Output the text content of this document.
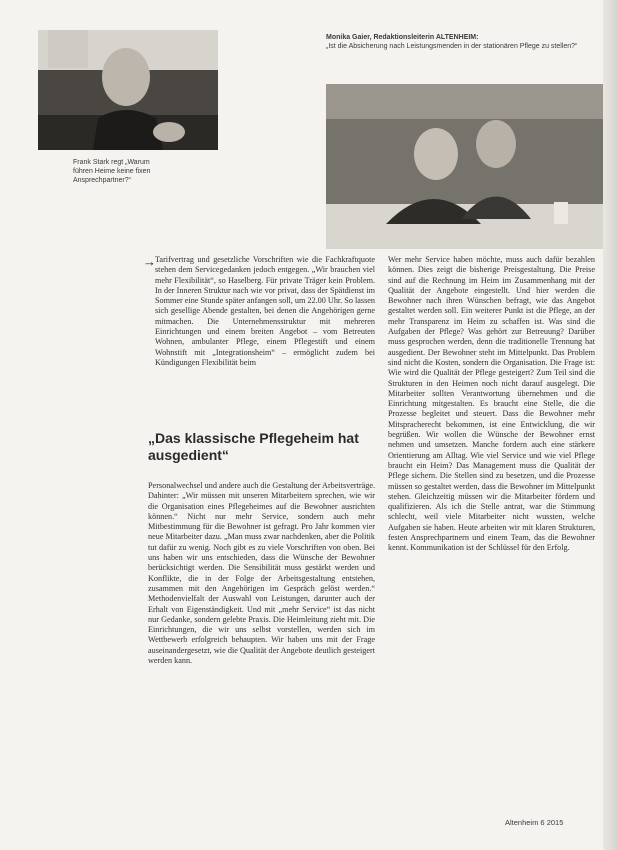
Frank Stark regt „Warum führen Heime keine fixen Ansprechpartner?“
Monika Gaier, Redaktionsleiterin ALTENHEIM:
„Ist die Absicherung nach Leistungsmenden in der stationären Pflege zu stellen?“
→ Tarifvertrag und gesetzliche Vorschriften wie die Fachkraftquote stehen dem Servicegedanken jedoch entgegen. „Wir brauchen viel mehr Flexibilität“, so Haselberg. Für private Träger kein Problem. In der Inneren Struktur nach wie vor privat, dass der Spätdienst im Sommer eine Stunde später anfangen soll, um 22.00 Uhr. So lassen sich gesellige Abende gestalten, bei denen die Angehörigen gerne mitmachen. Die Unternehmensstruktur mit mehreren Einrichtungen und einem breiten Angebot – vom Betreuten Wohnen, ambulanter Pflege, einem Pflegestift und einem Wohnstift mit „Integrationsheim“ – ermöglicht zudem bei Kündigungen Flexibilität beim

„Das klassische Pflegeheim hat ausgedient“

Personalwechsel und andere auch die Gestaltung der Arbeitsverträge. Dahinter: „Wir müssen mit unseren Mitarbeitern sprechen, wie wir die Organisation eines Pflegeheimes auf die Bewohner ausrichten können.“ Nicht nur mehr Service, sondern auch mehr Mitbestimmung für die Bewohner ist gefragt. Pro Jahr kommen vier neue Mitarbeiter dazu. „Man muss zwar nachdenken, aber die Politik tut dafür zu wenig. Noch gibt es zu viele Vorschriften von oben. Bei uns haben wir uns entschieden, dass die Wünsche der Bewohner berücksichtigt werden. Die Sensibilität muss gestärkt werden und Konflikte, die in der Folge der Arbeitsgestaltung entstehen, zusammen mit den Angehörigen im Gespräch gelöst werden.“ Methodenvielfalt der Auswahl von Leistungen, darunter auch der Erhalt von Eigenständigkeit. Und mit „mehr Service“ ist das nicht nur Gedanke, sondern gelebte Praxis. Die Heimleitung zieht mit. Die Einrichtungen, die wir uns selbst vorstellen, werden sich im Wettbewerb erfolgreich behaupten. Wir haben uns mit der Frage auseinandergesetzt, wie die Qualität der Angebote deutlich gesteigert werden kann.

Wer mehr Service haben möchte, muss auch dafür bezahlen können. Dies zeigt die bisherige Preisgestaltung. Die Preise sind auf die Rechnung im Heim im Zusammenhang mit der Qualität der Angebote eingestellt. Und hier werden die Bewohner nach ihren Wünschen befragt, wie das Angebot gestaltet werden soll. Ein weiterer Punkt ist die Pflege, an der mehr Transparenz im Heim zu schaffen ist. Was sind die Aufgaben der Pflege? Was gehört zur Betreuung? Darüber muss gesprochen werden, denn die traditionelle Trennung hat ausgedient. Der Bewohner steht im Mittelpunkt. Das Problem sind nicht die Kosten, sondern die Organisation. Die Frage ist: Wie wird die Qualität der Pflege gesteigert? Zum Teil sind die Strukturen in den Heimen noch nicht darauf ausgelegt. Die Mitarbeiter sollten Verantwortung übernehmen und die Einrichtung mitgestalten. Es braucht eine Stelle, die die Prozesse begleitet und steuert. Dass die Bewohner mehr Mitspracherecht bekommen, ist eine Entwicklung, die wir begrüßen. Wir wollen die Wünsche der Bewohner ernst nehmen und umsetzen. Manche fordern auch eine stärkere Orientierung am Alltag. Wie viel Service und wie viel Pflege braucht ein Heim? Das Management muss die Qualität der Pflege sichern. Die Stellen sind zu besetzen, und die Prozesse müssen so gestaltet werden, dass die Bewohner im Mittelpunkt stehen. Gleichzeitig müssen wir die Mitarbeiter fördern und qualifizieren. Als ich die Stelle antrat, war die Stimmung schlecht, weil viele Mitarbeiter nicht wussten, welche Aufgaben sie haben. Heute arbeiten wir mit klaren Strukturen, festen Ansprechpartnern und einem Team, das die Bewohner kennt. Kommunikation ist der Schlüssel für den Erfolg.

Altenheim 6 2015
